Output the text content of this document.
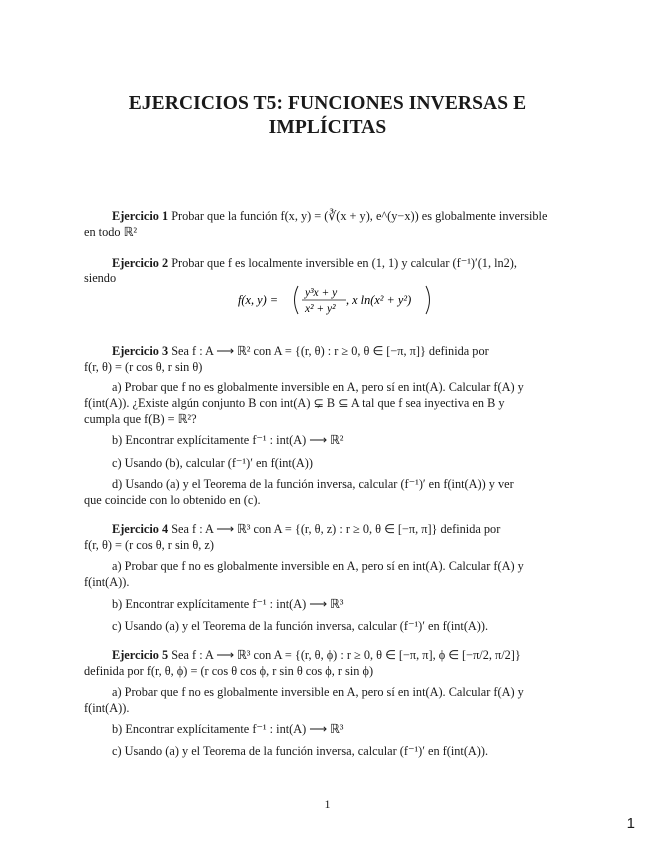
EJERCICIOS T5: FUNCIONES INVERSAS E
IMPLÍCITAS
Ejercicio 1 Probar que la función f(x, y) = (∛(x + y), e^(y−x)) es globalmente inversible
en todo ℝ²
Ejercicio 2 Probar que f es localmente inversible en (1, 1) y calcular (f⁻¹)′(1, ln2),
siendo
f(x, y) = y³x + y
x² + y²
, x ln(x² + y²)
Ejercicio 3 Sea f : A ⟶ ℝ² con A = {(r, θ) : r ≥ 0, θ ∈ [−π, π]} definida por
f(r, θ) = (r cos θ, r sin θ)
a) Probar que f no es globalmente inversible en A, pero sí en int(A). Calcular f(A) y
f(int(A)). ¿Existe algún conjunto B con int(A) ⊊ B ⊆ A tal que f sea inyectiva en B y
cumpla que f(B) = ℝ²?
b) Encontrar explícitamente f⁻¹ : int(A) ⟶ ℝ²
c) Usando (b), calcular (f⁻¹)′ en f(int(A))
d) Usando (a) y el Teorema de la función inversa, calcular (f⁻¹)′ en f(int(A)) y ver
que coincide con lo obtenido en (c).
Ejercicio 4 Sea f : A ⟶ ℝ³ con A = {(r, θ, z) : r ≥ 0, θ ∈ [−π, π]} definida por
f(r, θ) = (r cos θ, r sin θ, z)
a) Probar que f no es globalmente inversible en A, pero sí en int(A). Calcular f(A) y
f(int(A)).
b) Encontrar explícitamente f⁻¹ : int(A) ⟶ ℝ³
c) Usando (a) y el Teorema de la función inversa, calcular (f⁻¹)′ en f(int(A)).
Ejercicio 5 Sea f : A ⟶ ℝ³ con A = {(r, θ, ϕ) : r ≥ 0, θ ∈ [−π, π], ϕ ∈ [−π/2, π/2]}
definida por f(r, θ, ϕ) = (r cos θ cos ϕ, r sin θ cos ϕ, r sin ϕ)
a) Probar que f no es globalmente inversible en A, pero sí en int(A). Calcular f(A) y
f(int(A)).
b) Encontrar explícitamente f⁻¹ : int(A) ⟶ ℝ³
c) Usando (a) y el Teorema de la función inversa, calcular (f⁻¹)′ en f(int(A)).
1
1
